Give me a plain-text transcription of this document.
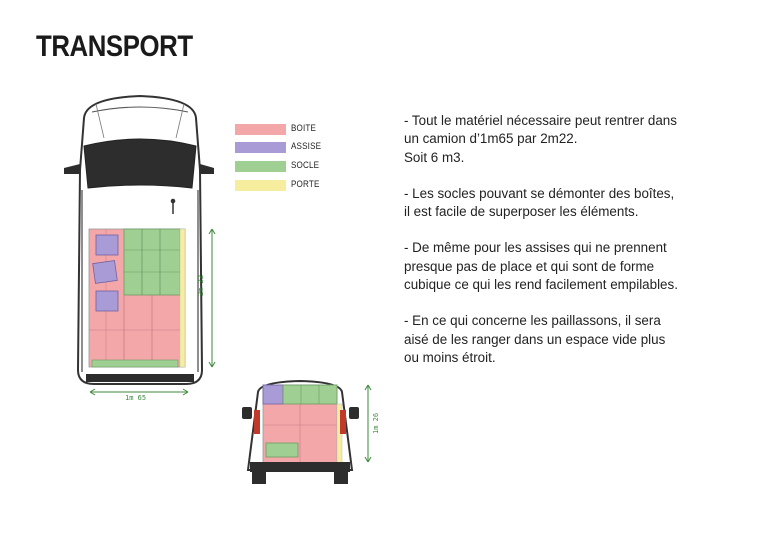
TRANSPORT
BOITE
ASSISE
SOCLE
PORTE

- Tout le matériel nécessaire peut rentrer dans
un camion d’1m65 par 2m22.
Soit 6 m3.

- Les socles pouvant se démonter des boîtes,
il est facile de superposer les éléments.

- De même pour les assises qui ne prennent
presque pas de place et qui sont de forme
cubique ce qui les rend facilement empilables.

- En ce qui concerne les paillassons, il sera
aisé de les ranger dans un espace vide plus
ou moins étroit.

1m 65
2m 22
1m 26
